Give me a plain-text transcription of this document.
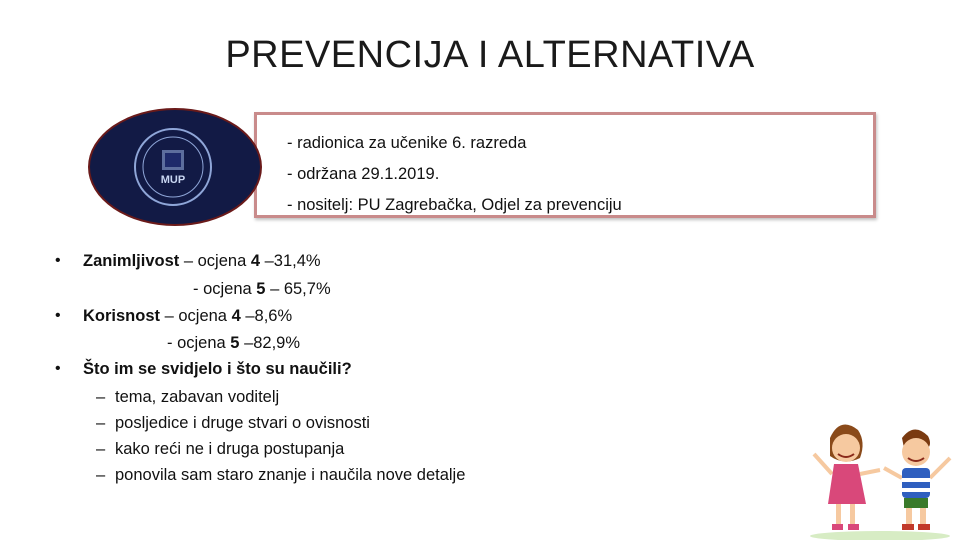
PREVENCIJA I ALTERNATIVA
- radionica za učenike 6. razreda
- održana 29.1.2019.
- nositelj: PU Zagrebačka, Odjel za prevenciju
MUP
• Zanimljivost – ocjena 4 –31,4%
- ocjena 5 – 65,7%
• Korisnost – ocjena 4 –8,6%
- ocjena 5 –82,9%
• Što im se svidjelo i što su naučili?
– tema, zabavan voditelj
– posljedice i druge stvari o ovisnosti
– kako reći ne i druga postupanja
– ponovila sam staro znanje i naučila nove detalje
